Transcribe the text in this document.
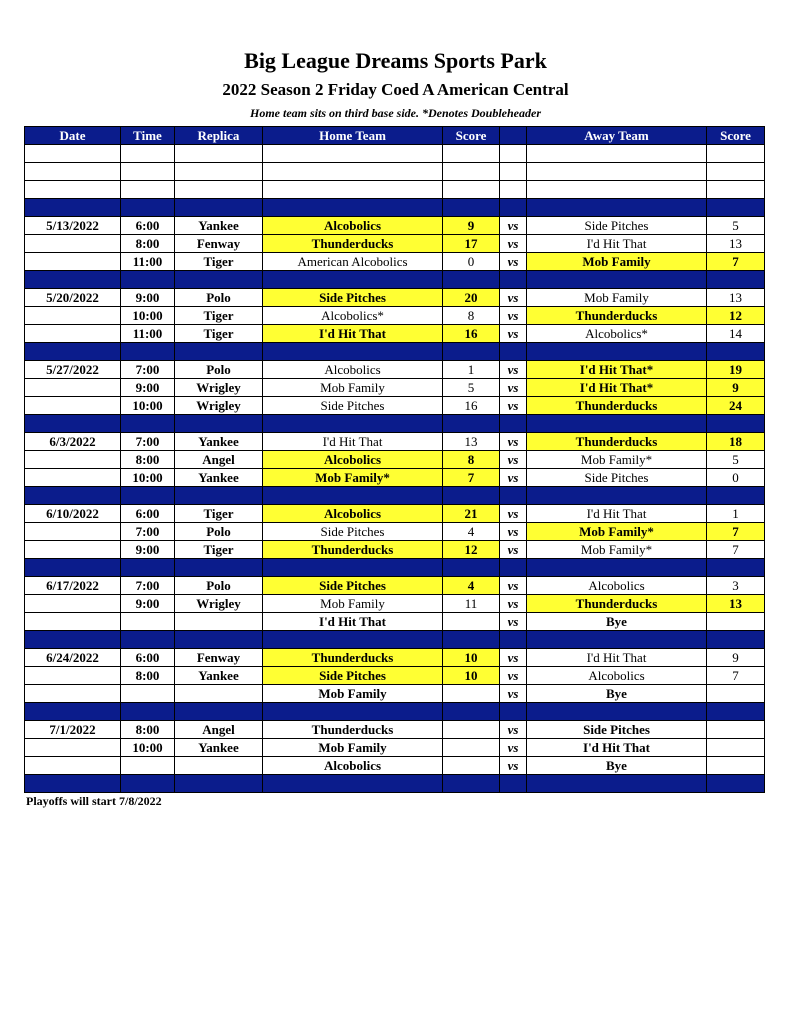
Big League Dreams Sports Park
2022 Season 2 Friday Coed A American Central
Home team sits on third base side. *Denotes Doubleheader
Date	Time	Replica	Home Team	Score		Away Team	Score

5/13/2022	6:00	Yankee	Alcobolics	9	vs	Side Pitches	5
	8:00	Fenway	Thunderducks	17	vs	I'd Hit That	13
	11:00	Tiger	American Alcobolics	0	vs	Mob Family	7

5/20/2022	9:00	Polo	Side Pitches	20	vs	Mob Family	13
	10:00	Tiger	Alcobolics*	8	vs	Thunderducks	12
	11:00	Tiger	I'd Hit That	16	vs	Alcobolics*	14

5/27/2022	7:00	Polo	Alcobolics	1	vs	I'd Hit That*	19
	9:00	Wrigley	Mob Family	5	vs	I'd Hit That*	9
	10:00	Wrigley	Side Pitches	16	vs	Thunderducks	24

6/3/2022	7:00	Yankee	I'd Hit That	13	vs	Thunderducks	18
	8:00	Angel	Alcobolics	8	vs	Mob Family*	5
	10:00	Yankee	Mob Family*	7	vs	Side Pitches	0

6/10/2022	6:00	Tiger	Alcobolics	21	vs	I'd Hit That	1
	7:00	Polo	Side Pitches	4	vs	Mob Family*	7
	9:00	Tiger	Thunderducks	12	vs	Mob Family*	7

6/17/2022	7:00	Polo	Side Pitches	4	vs	Alcobolics	3
	9:00	Wrigley	Mob Family	11	vs	Thunderducks	13
			I'd Hit That		vs	Bye	

6/24/2022	6:00	Fenway	Thunderducks	10	vs	I'd Hit That	9
	8:00	Yankee	Side Pitches	10	vs	Alcobolics	7
			Mob Family		vs	Bye	

7/1/2022	8:00	Angel	Thunderducks		vs	Side Pitches	
	10:00	Yankee	Mob Family		vs	I'd Hit That	
			Alcobolics		vs	Bye	

Playoffs will start 7/8/2022
